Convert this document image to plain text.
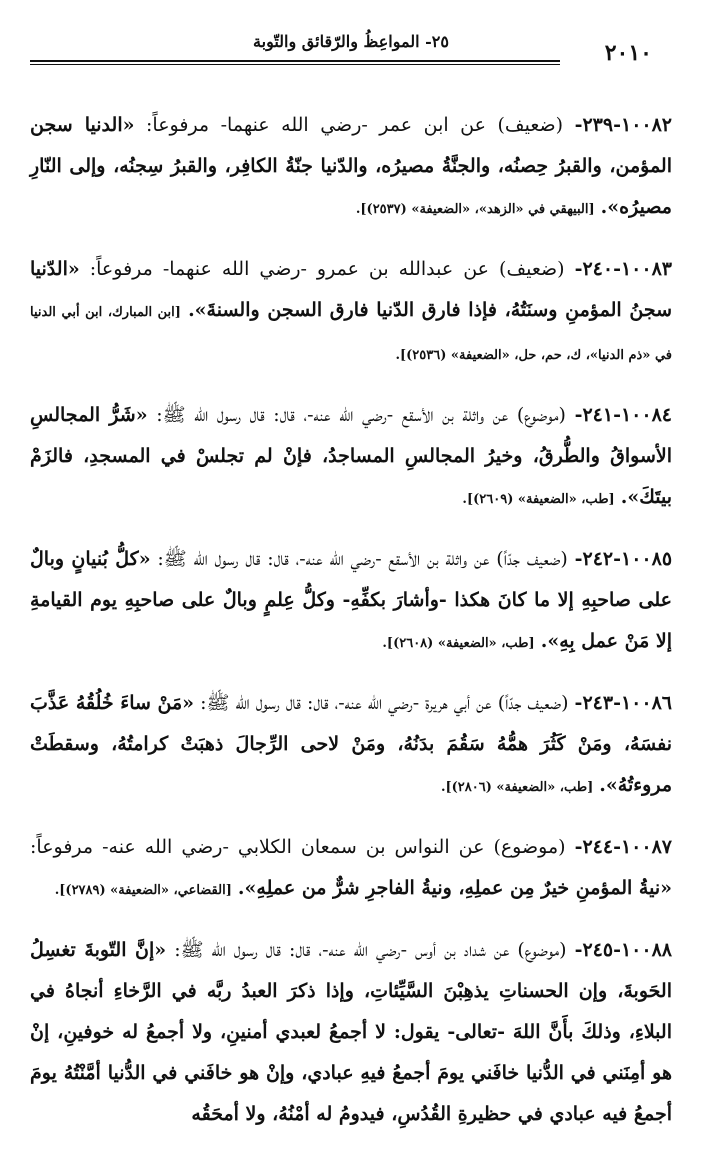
٢٠١٠
٢٥- المواعِظُ والرّقائق والتّوبة

١٠٠٨٢-٢٣٩- (ضعيف) عن ابن عمر -رضي الله عنهما- مرفوعاً: «الدنيا سجن المؤمن، والقبرُ حِصنُه، والجنَّةُ مصيرُه، والدّنيا جنّةُ الكافِر، والقبرُ سِجنُه، وإلى النّارِ مصيرُه». [البيهقي في «الزهد»، «الضعيفة» (٢٥٣٧)].

١٠٠٨٣-٢٤٠- (ضعيف) عن عبدالله بن عمرو -رضي الله عنهما- مرفوعاً: «الدّنيا سجنُ المؤمنِ وسنَتُهُ، فإذا فارق الدّنيا فارق السجن والسنةَ». [ابن المبارك، ابن أبي الدنيا في «ذم الدنيا»، ك، حم، حل، «الضعيفة» (٢٥٣٦)].

١٠٠٨٤-٢٤١- (موضوع) عن واثلة بن الأسقع -رضي الله عنه-، قال: قال رسول الله ﷺ: «شَرُّ المجالسِ الأسواقُ والطُّرقُ، وخيرُ المجالسِ المساجدُ، فإنْ لم تجلسْ في المسجدِ، فالزَمْ بيتَكَ». [طب، «الضعيفة» (٢٦٠٩)].

١٠٠٨٥-٢٤٢- (ضعيف جدّاً) عن واثلة بن الأسقع -رضي الله عنه-، قال: قال رسول الله ﷺ: «كلُّ بُنيانٍ وبالٌ على صاحبِهِ إلا ما كانَ هكذا -وأشارَ بكفِّهِ- وكلُّ عِلمٍ وبالٌ على صاحبِهِ يوم القيامةِ إلا مَنْ عمل بِهِ». [طب، «الضعيفة» (٢٦٠٨)].

١٠٠٨٦-٢٤٣- (ضعيف جدّاً) عن أبي هريرة -رضي الله عنه-، قال: قال رسول الله ﷺ: «مَنْ ساءَ خُلُقُهُ عَذَّبَ نفسَهُ، ومَنْ كَثُرَ همُّهُ سَقُمَ بدَنُهُ، ومَنْ لاحى الرِّجالَ ذهبَتْ كرامتُهُ، وسقطَتْ مروءتُهُ». [طب، «الضعيفة» (٢٨٠٦)].

١٠٠٨٧-٢٤٤- (موضوع) عن النواس بن سمعان الكلابي -رضي الله عنه- مرفوعاً: «نيةُ المؤمنِ خيرٌ مِن عملِهِ، ونيةُ الفاجرِ شرٌّ من عملِهِ». [القضاعي، «الضعيفة» (٢٧٨٩)].

١٠٠٨٨-٢٤٥- (موضوع) عن شداد بن أوس -رضي الله عنه-، قال: قال رسول الله ﷺ: «إنَّ التّوبةَ تغسِلُ الحَوبةَ، وإن الحسناتِ يذهِبْنَ السَّيِّئاتِ، وإذا ذكرَ العبدُ ربَّه في الرَّخاءِ أنجاهُ في البلاءِ، وذلكَ بأَنَّ اللهَ -تعالى- يقول: لا أجمعُ لعبدي أمنينِ، ولا أجمعُ له خوفينِ، إنْ هو أمِنَني في الدُّنيا خافَني يومَ أجمعُ فيهِ عبادي، وإنْ هو خافَني في الدُّنيا أمَّنْتُهُ يومَ أجمعُ فيه عبادي في حظيرةِ القُدُسِ، فيدومُ له أمْنُهُ، ولا أمحَقُه
